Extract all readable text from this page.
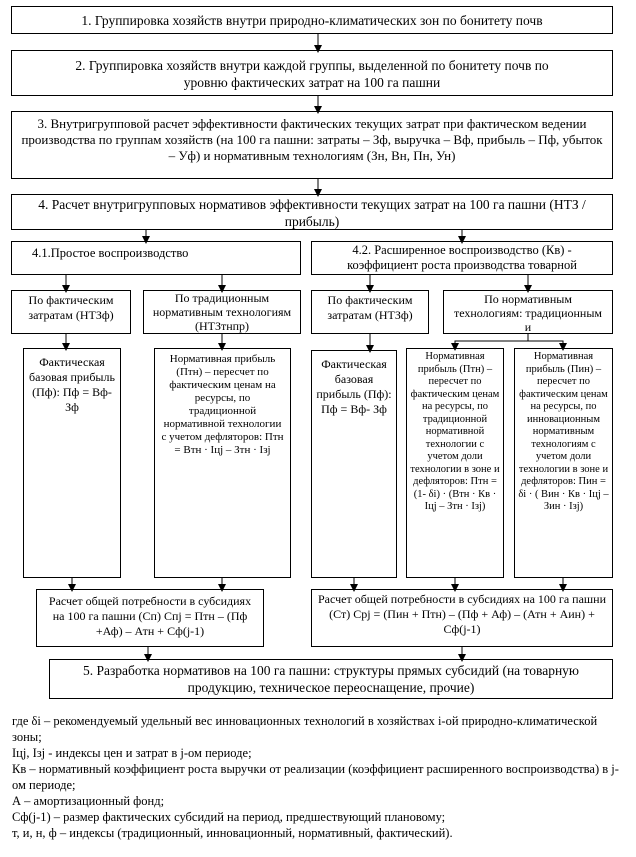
1. Группировка хозяйств внутри природно-климатических зон по бонитету почв
2. Группировка хозяйств внутри каждой группы, выделенной по бонитету почв по уровню фактических затрат на 100 га пашни
3. Внутригрупповой расчет эффективности фактических текущих затрат при фактическом ведении производства по группам хозяйств (на 100 га пашни: затраты – Зф, выручка – Вф, прибыль – Пф, убыток – Уф) и нормативным технологиям (Зн, Вн, Пн, Ун)
4. Расчет внутригрупповых нормативов эффективности текущих затрат на 100 га пашни (НТЗ / прибыль)
4.1.Простое воспроизводство	4.2. Расширенное воспроизводство (Кв) - коэффициент роста производства товарной
По фактическим затратам (НТЗф)
По традиционным нормативным технологиям (НТЗтнпр)
По фактическим затратам (НТЗф)
По нормативным технологиям: традиционным и
Фактическая базовая прибыль (Пф): Пф = Вф- Зф
Нормативная прибыль (Птн) – пересчет по фактическим ценам на ресурсы, по традиционной нормативной технологии с учетом дефляторов: Птн = Втн · Iцj – Зтн · Ізj
Фактическая базовая прибыль (Пф): Пф = Вф- Зф
Нормативная прибыль (Птн) – пересчет по фактическим ценам на ресурсы, по традиционной нормативной технологии с учетом доли технологии в зоне и дефляторов: Птн = (1- δі) · (Втн · Кв · Iцj – Зтн · Ізj)
Нормативная прибыль (Пин) – пересчет по фактическим ценам на ресурсы, по инновационным нормативным технологиям с учетом доли технологии в зоне и дефляторов: Пин = δі · ( Вин · Кв · Iцj – Зин · Ізj)
Расчет общей потребности в субсидиях на 100 га пашни (Сп) Спj = Птн – (Пф +Аф) – Атн + Сф(j-1)
Расчет общей потребности в субсидиях на 100 га пашни (Ст) Срj = (Пин + Птн) – (Пф + Аф) – (Атн + Аин) + Сф(j-1)
5. Разработка нормативов на 100 га пашни: структуры прямых субсидий (на товарную продукцию, техническое переоснащение, прочие)
где δі – рекомендуемый удельный вес инновационных технологий в хозяйствах і-ой природно-климатической зоны;
Iцj, Ізj - индексы цен и затрат в j-ом периоде;
Кв – нормативный коэффициент роста выручки от реализации (коэффициент расширенного воспроизводства) в j-ом периоде;
А – амортизационный фонд;
Сф(j-1) – размер фактических субсидий на период, предшествующий плановому;
т, и, н, ф – индексы (традиционный, инновационный, нормативный, фактический).
